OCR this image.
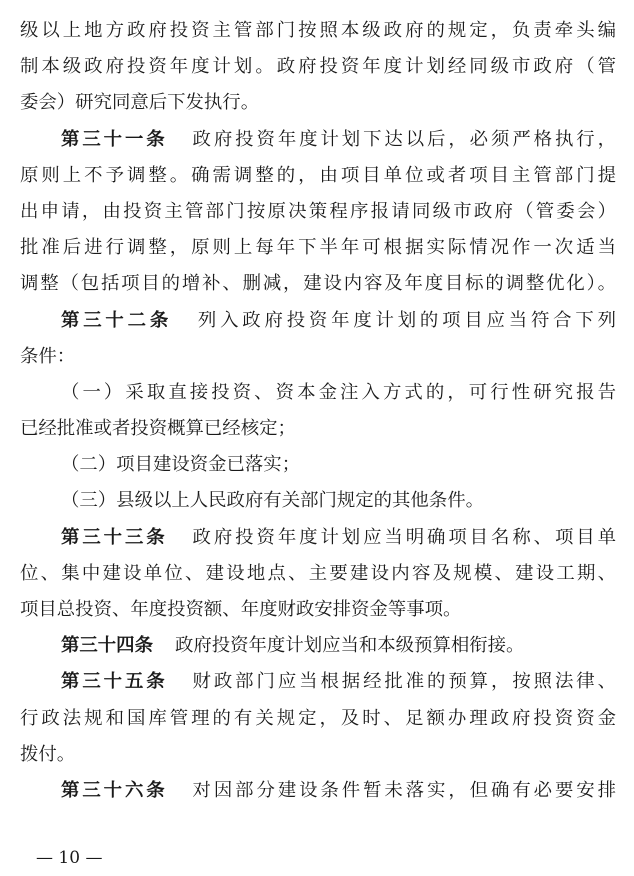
级以上地方政府投资主管部门按照本级政府的规定，负责牵头编
制本级政府投资年度计划。政府投资年度计划经同级市政府（管
委会）研究同意后下发执行。
第三十一条 政府投资年度计划下达以后，必须严格执行，
原则上不予调整。确需调整的，由项目单位或者项目主管部门提
出申请，由投资主管部门按原决策程序报请同级市政府（管委会）
批准后进行调整，原则上每年下半年可根据实际情况作一次适当
调整（包括项目的增补、删减，建设内容及年度目标的调整优化）。
第三十二条 列入政府投资年度计划的项目应当符合下列
条件：
（一）采取直接投资、资本金注入方式的，可行性研究报告
已经批准或者投资概算已经核定；
（二）项目建设资金已落实；
（三）县级以上人民政府有关部门规定的其他条件。
第三十三条 政府投资年度计划应当明确项目名称、项目单
位、集中建设单位、建设地点、主要建设内容及规模、建设工期、
项目总投资、年度投资额、年度财政安排资金等事项。
第三十四条 政府投资年度计划应当和本级预算相衔接。
第三十五条 财政部门应当根据经批准的预算，按照法律、
行政法规和国库管理的有关规定，及时、足额办理政府投资资金
拨付。
第三十六条 对因部分建设条件暂未落实，但确有必要安排
— 10 —
